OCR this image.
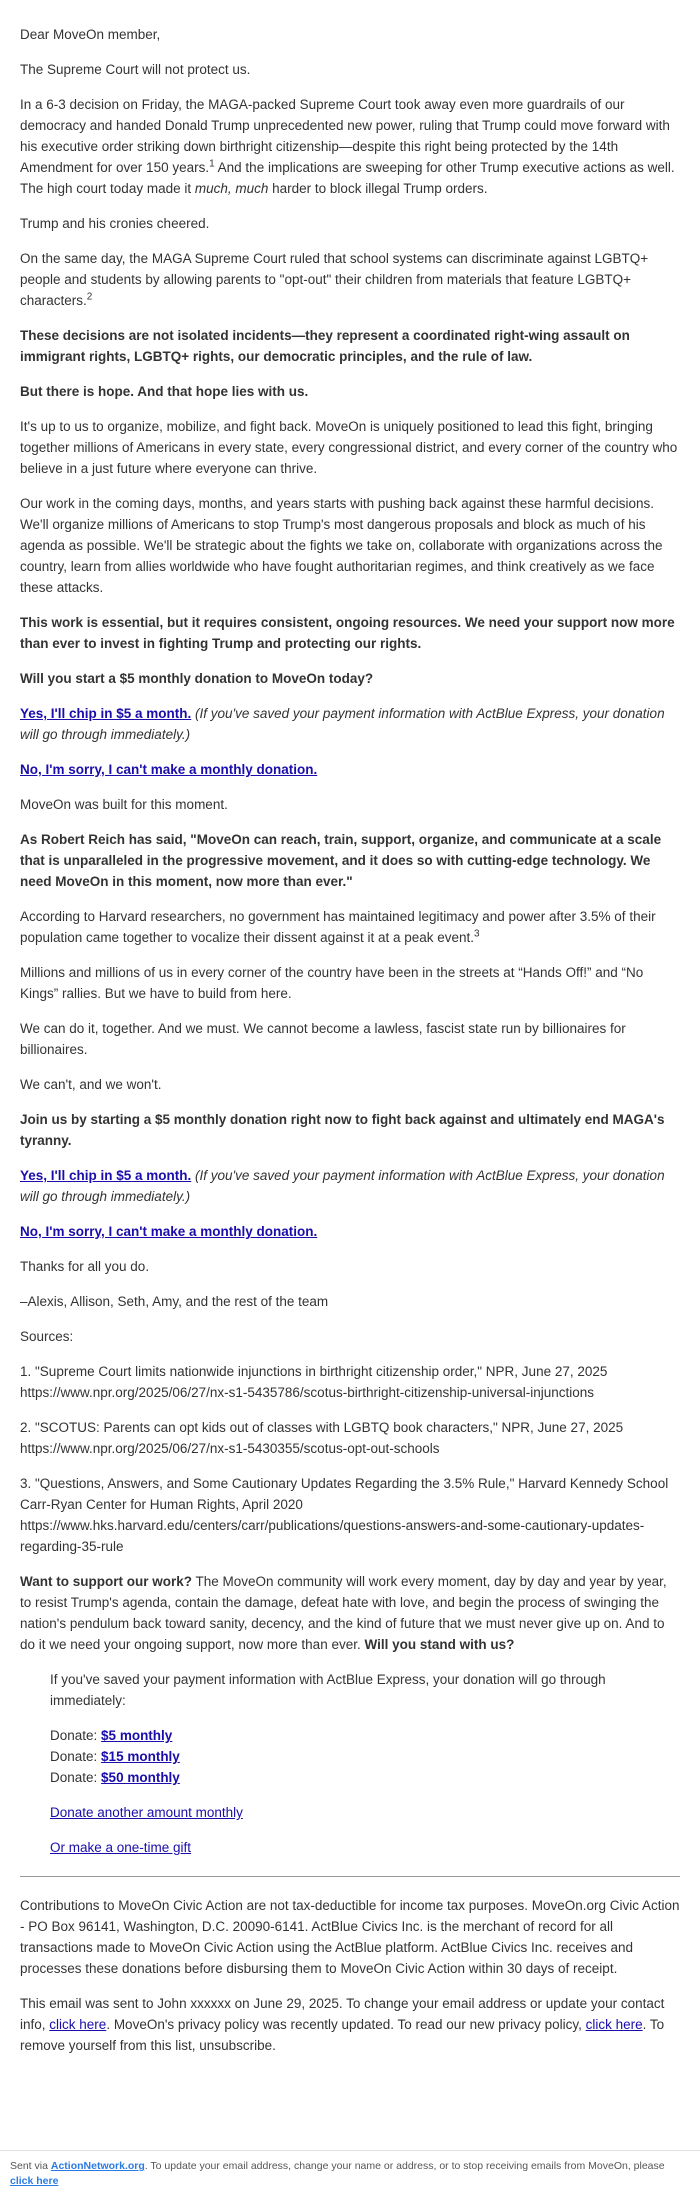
Dear MoveOn member,

The Supreme Court will not protect us.

In a 6-3 decision on Friday, the MAGA-packed Supreme Court took away even more guardrails of our democracy and handed Donald Trump unprecedented new power, ruling that Trump could move forward with his executive order striking down birthright citizenship—despite this right being protected by the 14th Amendment for over 150 years.$^1$ And the implications are sweeping for other Trump executive actions as well. The high court today made it much, much harder to block illegal Trump orders.

Trump and his cronies cheered.

On the same day, the MAGA Supreme Court ruled that school systems can discriminate against LGBTQ+ people and students by allowing parents to "opt-out" their children from materials that feature LGBTQ+ characters.$^2$

These decisions are not isolated incidents—they represent a coordinated right-wing assault on immigrant rights, LGBTQ+ rights, our democratic principles, and the rule of law.

But there is hope. And that hope lies with us.

It's up to us to organize, mobilize, and fight back. MoveOn is uniquely positioned to lead this fight, bringing together millions of Americans in every state, every congressional district, and every corner of the country who believe in a just future where everyone can thrive.

Our work in the coming days, months, and years starts with pushing back against these harmful decisions. We'll organize millions of Americans to stop Trump's most dangerous proposals and block as much of his agenda as possible. We'll be strategic about the fights we take on, collaborate with organizations across the country, learn from allies worldwide who have fought authoritarian regimes, and think creatively as we face these attacks.

This work is essential, but it requires consistent, ongoing resources. We need your support now more than ever to invest in fighting Trump and protecting our rights.

Will you start a $5 monthly donation to MoveOn today?

Yes, I'll chip in $5 a month. (If you've saved your payment information with ActBlue Express, your donation will go through immediately.)

No, I'm sorry, I can't make a monthly donation.

MoveOn was built for this moment.

As Robert Reich has said, "MoveOn can reach, train, support, organize, and communicate at a scale that is unparalleled in the progressive movement, and it does so with cutting-edge technology. We need MoveOn in this moment, now more than ever."

According to Harvard researchers, no government has maintained legitimacy and power after 3.5% of their population came together to vocalize their dissent against it at a peak event.$^3$

Millions and millions of us in every corner of the country have been in the streets at “Hands Off!” and “No Kings” rallies. But we have to build from here.

We can do it, together. And we must. We cannot become a lawless, fascist state run by billionaires for billionaires.

We can't, and we won't.

Join us by starting a $5 monthly donation right now to fight back against and ultimately end MAGA's tyranny.

Yes, I'll chip in $5 a month. (If you've saved your payment information with ActBlue Express, your donation will go through immediately.)

No, I'm sorry, I can't make a monthly donation.

Thanks for all you do.

–Alexis, Allison, Seth, Amy, and the rest of the team

Sources:

1. "Supreme Court limits nationwide injunctions in birthright citizenship order," NPR, June 27, 2025
https://www.npr.org/2025/06/27/nx-s1-5435786/scotus-birthright-citizenship-universal-injunctions
2. "SCOTUS: Parents can opt kids out of classes with LGBTQ book characters," NPR, June 27, 2025
https://www.npr.org/2025/06/27/nx-s1-5430355/scotus-opt-out-schools
3. "Questions, Answers, and Some Cautionary Updates Regarding the 3.5% Rule," Harvard Kennedy School Carr-Ryan Center for Human Rights, April 2020
https://www.hks.harvard.edu/centers/carr/publications/questions-answers-and-some-cautionary-updates-regarding-35-rule

Want to support our work? The MoveOn community will work every moment, day by day and year by year, to resist Trump's agenda, contain the damage, defeat hate with love, and begin the process of swinging the nation's pendulum back toward sanity, decency, and the kind of future that we must never give up on. And to do it we need your ongoing support, now more than ever. Will you stand with us?

If you've saved your payment information with ActBlue Express, your donation will go through immediately:

Donate: $5 monthly
Donate: $15 monthly
Donate: $50 monthly

Donate another amount monthly

Or make a one-time gift

Contributions to MoveOn Civic Action are not tax-deductible for income tax purposes. MoveOn.org Civic Action - PO Box 96141, Washington, D.C. 20090-6141. ActBlue Civics Inc. is the merchant of record for all transactions made to MoveOn Civic Action using the ActBlue platform. ActBlue Civics Inc. receives and processes these donations before disbursing them to MoveOn Civic Action within 30 days of receipt.

This email was sent to John xxxxxx on June 29, 2025. To change your email address or update your contact info, click here. MoveOn's privacy policy was recently updated. To read our new privacy policy, click here. To remove yourself from this list, unsubscribe.

Sent via ActionNetwork.org. To update your email address, change your name or address, or to stop receiving emails from MoveOn, please click here
